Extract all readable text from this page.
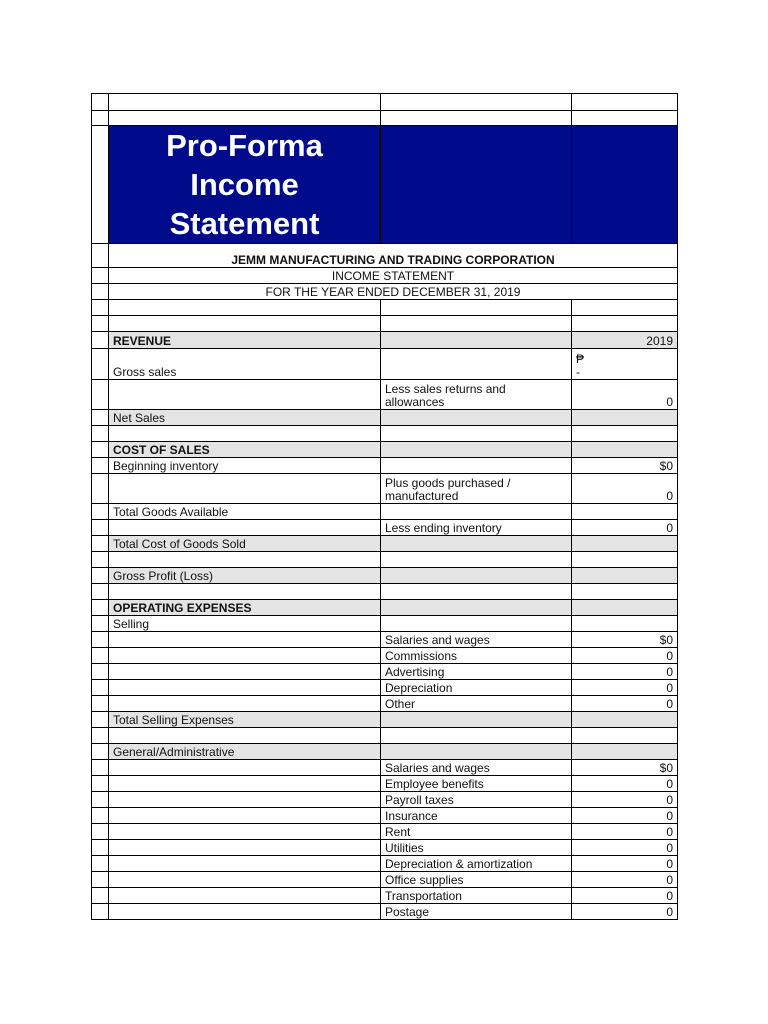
	Pro-Forma Income Statement		

	JEMM MANUFACTURING AND TRADING CORPORATION		
	INCOME STATEMENT		
	FOR THE YEAR ENDED DECEMBER 31, 2019		

	REVENUE		2019
	Gross sales		₱
-

		Less sales returns and allowances	0
	Net Sales		

	COST OF SALES		
	Beginning inventory		$0
		Plus goods purchased / manufactured	0
	Total Goods Available		
		Less ending inventory	0
	Total Cost of Goods Sold		

	Gross Profit (Loss)		

	OPERATING EXPENSES		
	Selling		
		Salaries and wages	$0
		Commissions	0
		Advertising	0
		Depreciation	0
		Other	0
	Total Selling Expenses		

	General/Administrative		
		Salaries and wages	$0
		Employee benefits	0
		Payroll taxes	0
		Insurance	0
		Rent	0
		Utilities	0
		Depreciation & amortization	0
		Office supplies	0
		Transportation	0
		Postage	0
